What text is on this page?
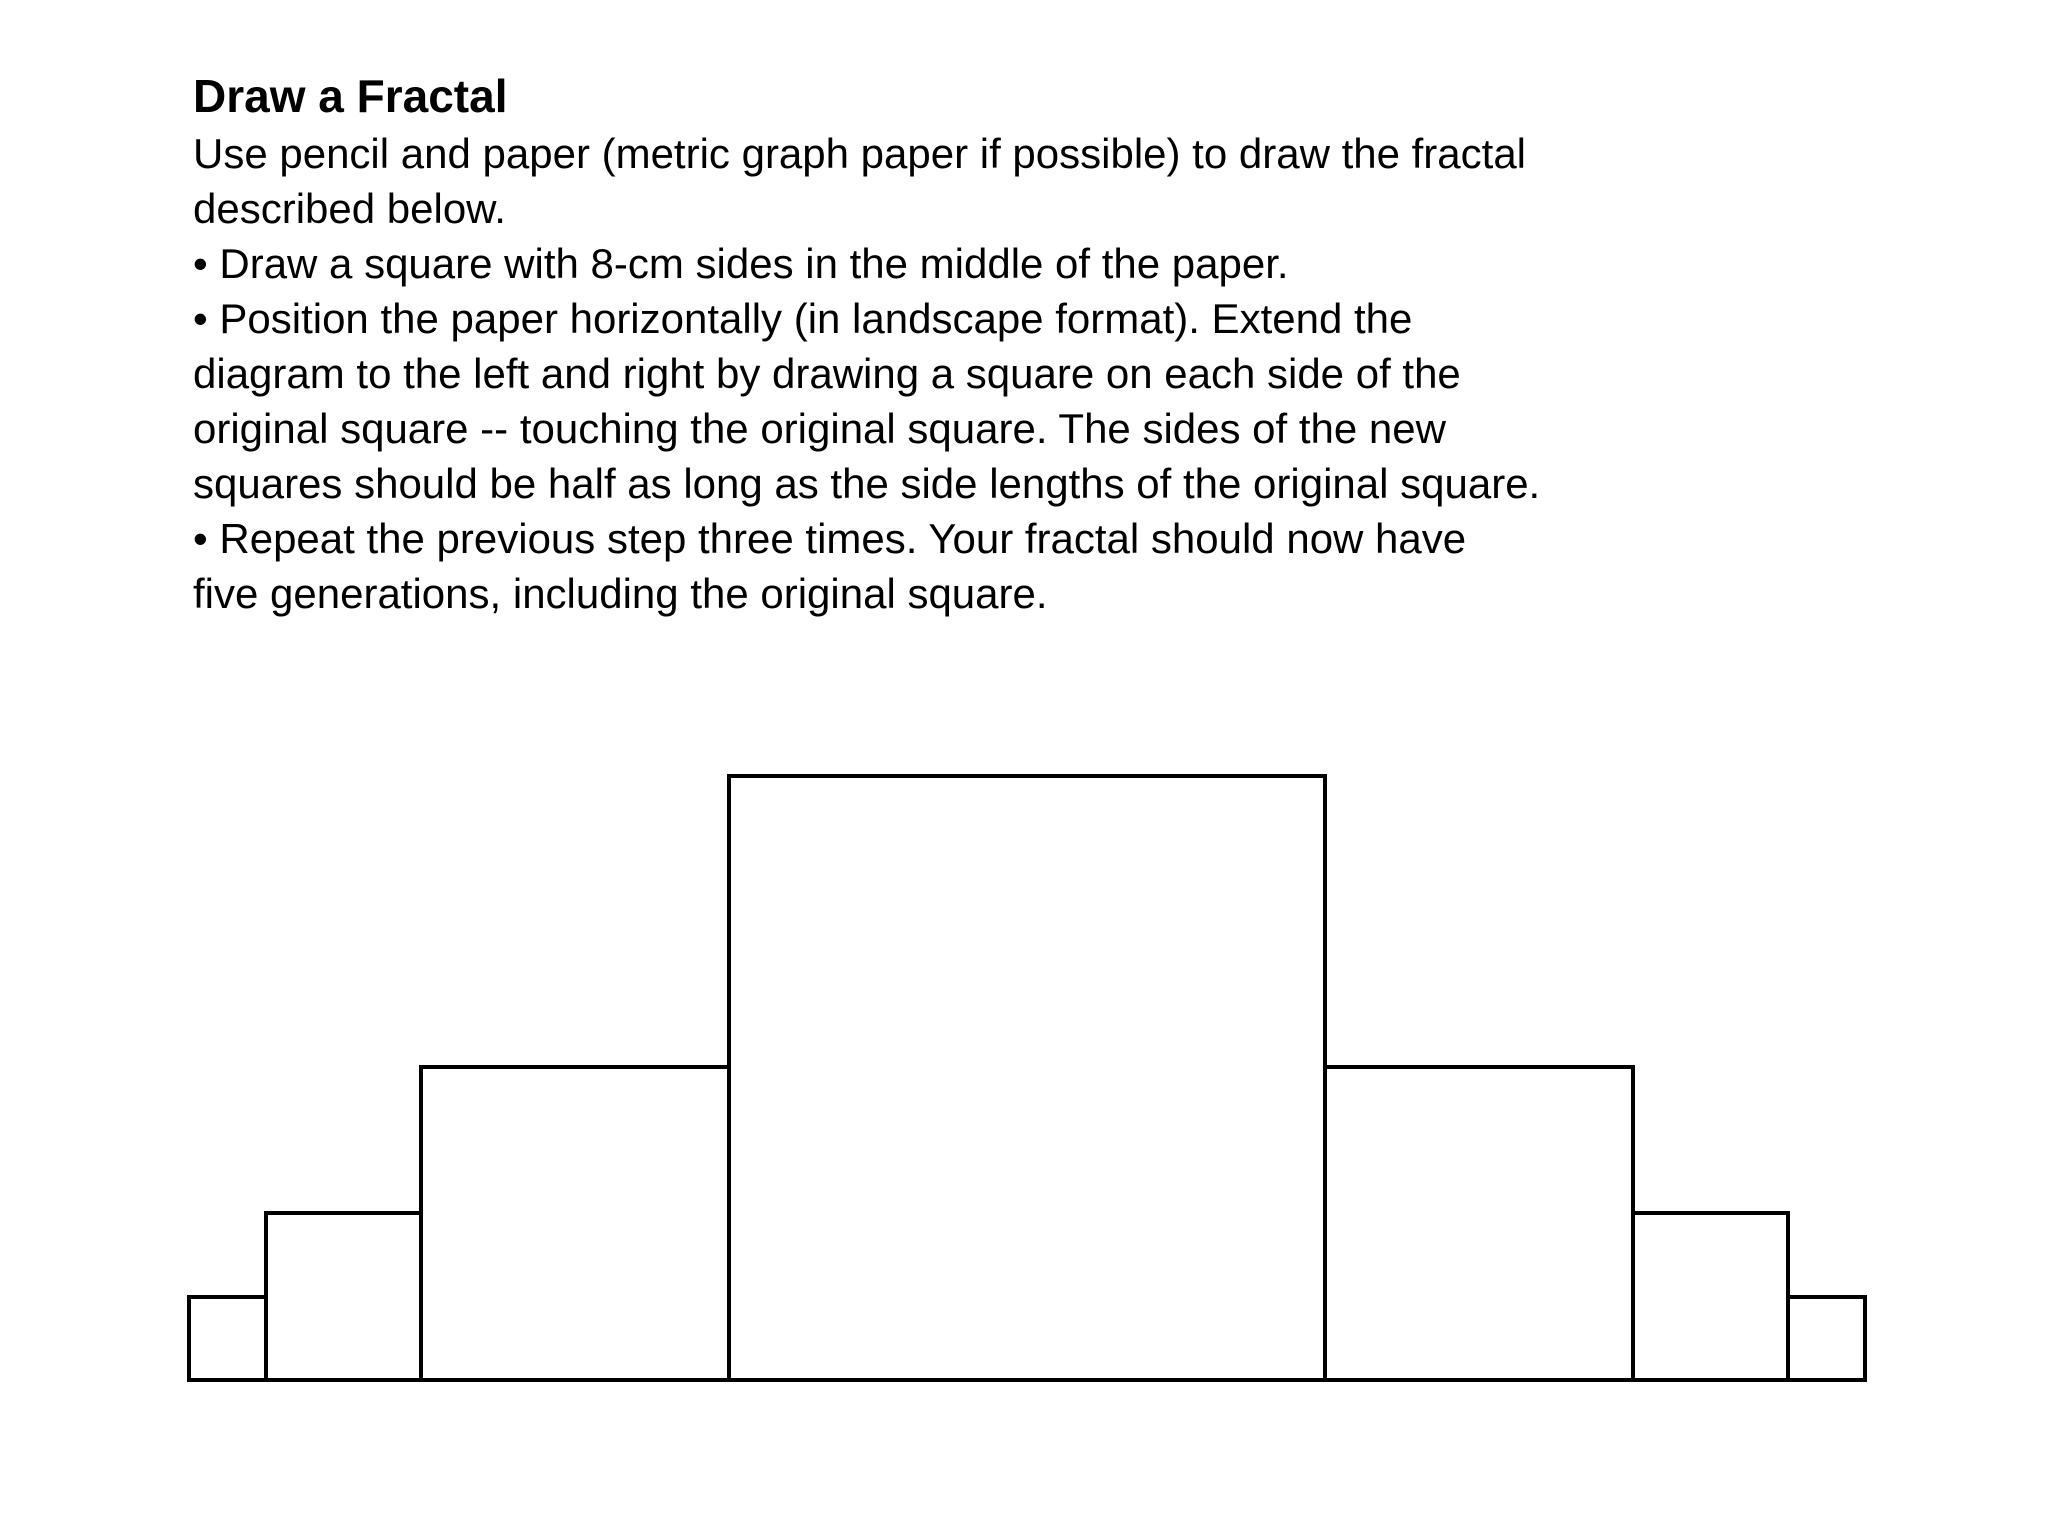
Draw a Fractal

Use pencil and paper (metric graph paper if possible) to draw the fractal
described below.

• Draw a square with 8-cm sides in the middle of the paper.

• Position the paper horizontally (in landscape format). Extend the
diagram to the left and right by drawing a square on each side of the
original square -- touching the original square. The sides of the new
squares should be half as long as the side lengths of the original square.

• Repeat the previous step three times. Your fractal should now have
five generations, including the original square.
